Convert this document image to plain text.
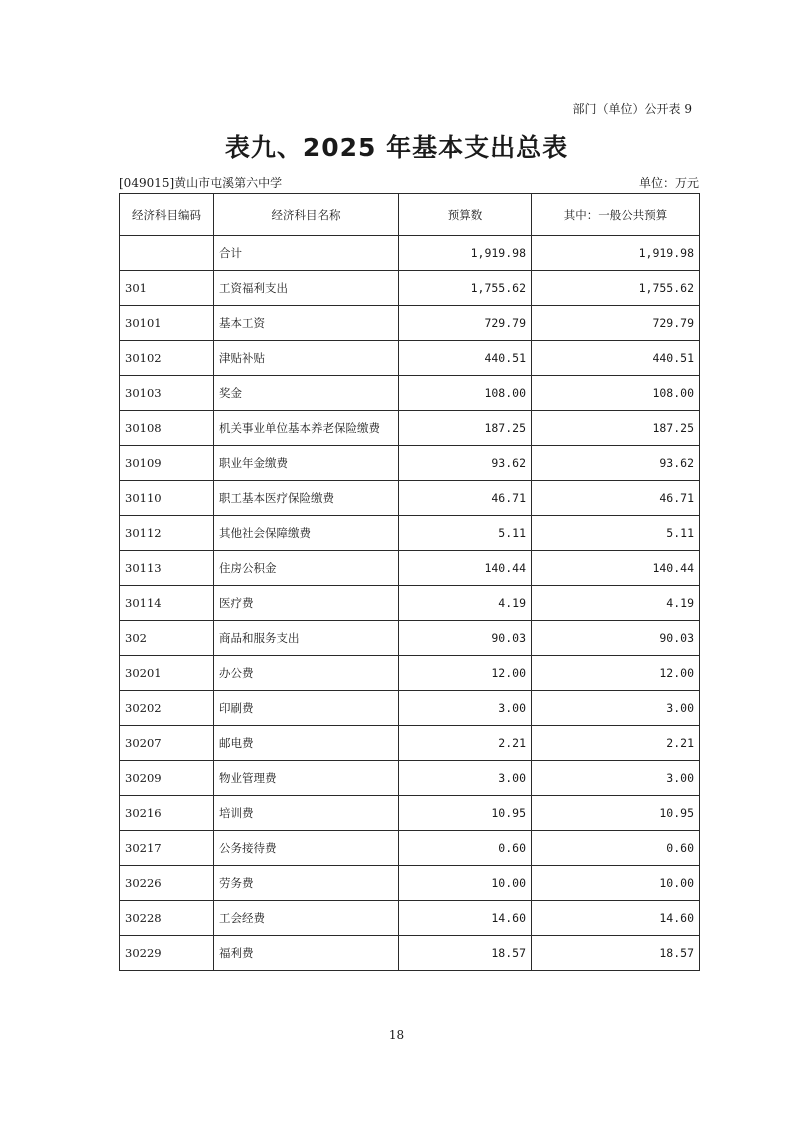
部门（单位）公开表 9
表九、2025 年基本支出总表
[049015]黄山市屯溪第六中学	单位：万元
经济科目编码	经济科目名称	预算数	其中：一般公共预算
	合计	1,919.98	1,919.98
301	工资福利支出	1,755.62	1,755.62
30101	基本工资	729.79	729.79
30102	津贴补贴	440.51	440.51
30103	奖金	108.00	108.00
30108	机关事业单位基本养老保险缴费	187.25	187.25
30109	职业年金缴费	93.62	93.62
30110	职工基本医疗保险缴费	46.71	46.71
30112	其他社会保障缴费	5.11	5.11
30113	住房公积金	140.44	140.44
30114	医疗费	4.19	4.19
302	商品和服务支出	90.03	90.03
30201	办公费	12.00	12.00
30202	印刷费	3.00	3.00
30207	邮电费	2.21	2.21
30209	物业管理费	3.00	3.00
30216	培训费	10.95	10.95
30217	公务接待费	0.60	0.60
30226	劳务费	10.00	10.00
30228	工会经费	14.60	14.60
30229	福利费	18.57	18.57
18
